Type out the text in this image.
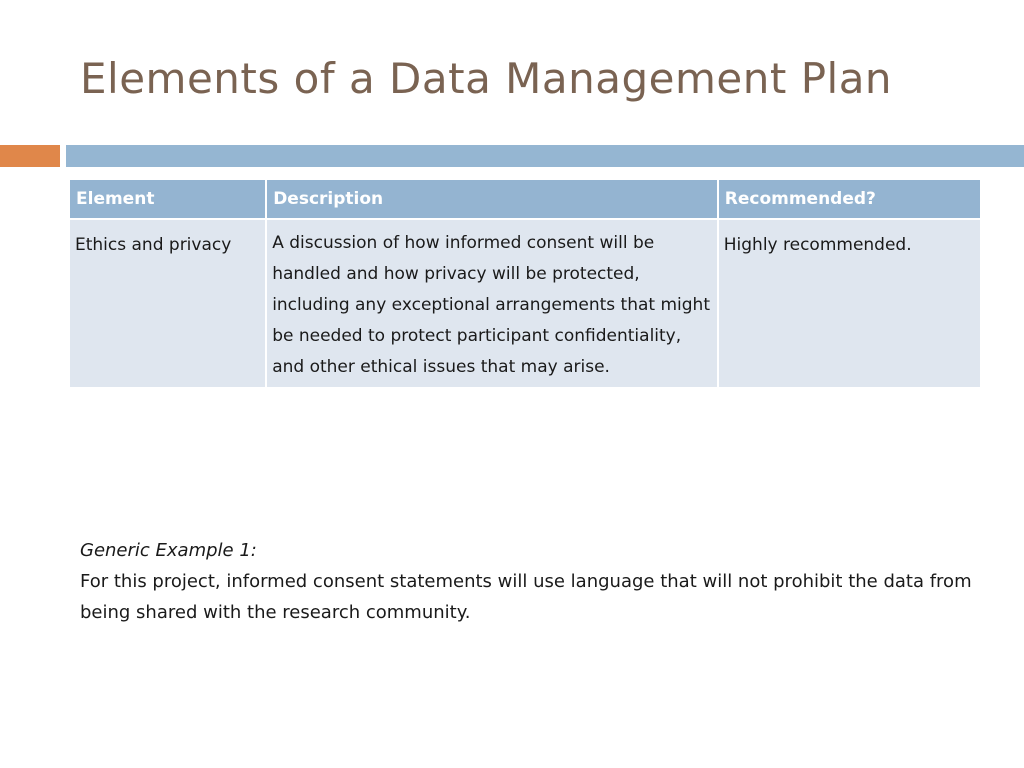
Elements of a Data Management Plan
Element	Description	Recommended?
Ethics and privacy	A discussion of how informed consent will be handled and how privacy will be protected, including any exceptional arrangements that might be needed to protect participant confidentiality, and other ethical issues that may arise.	Highly recommended.
Generic Example 1:
For this project, informed consent statements will use language that will not prohibit the data from being shared with the research community.
